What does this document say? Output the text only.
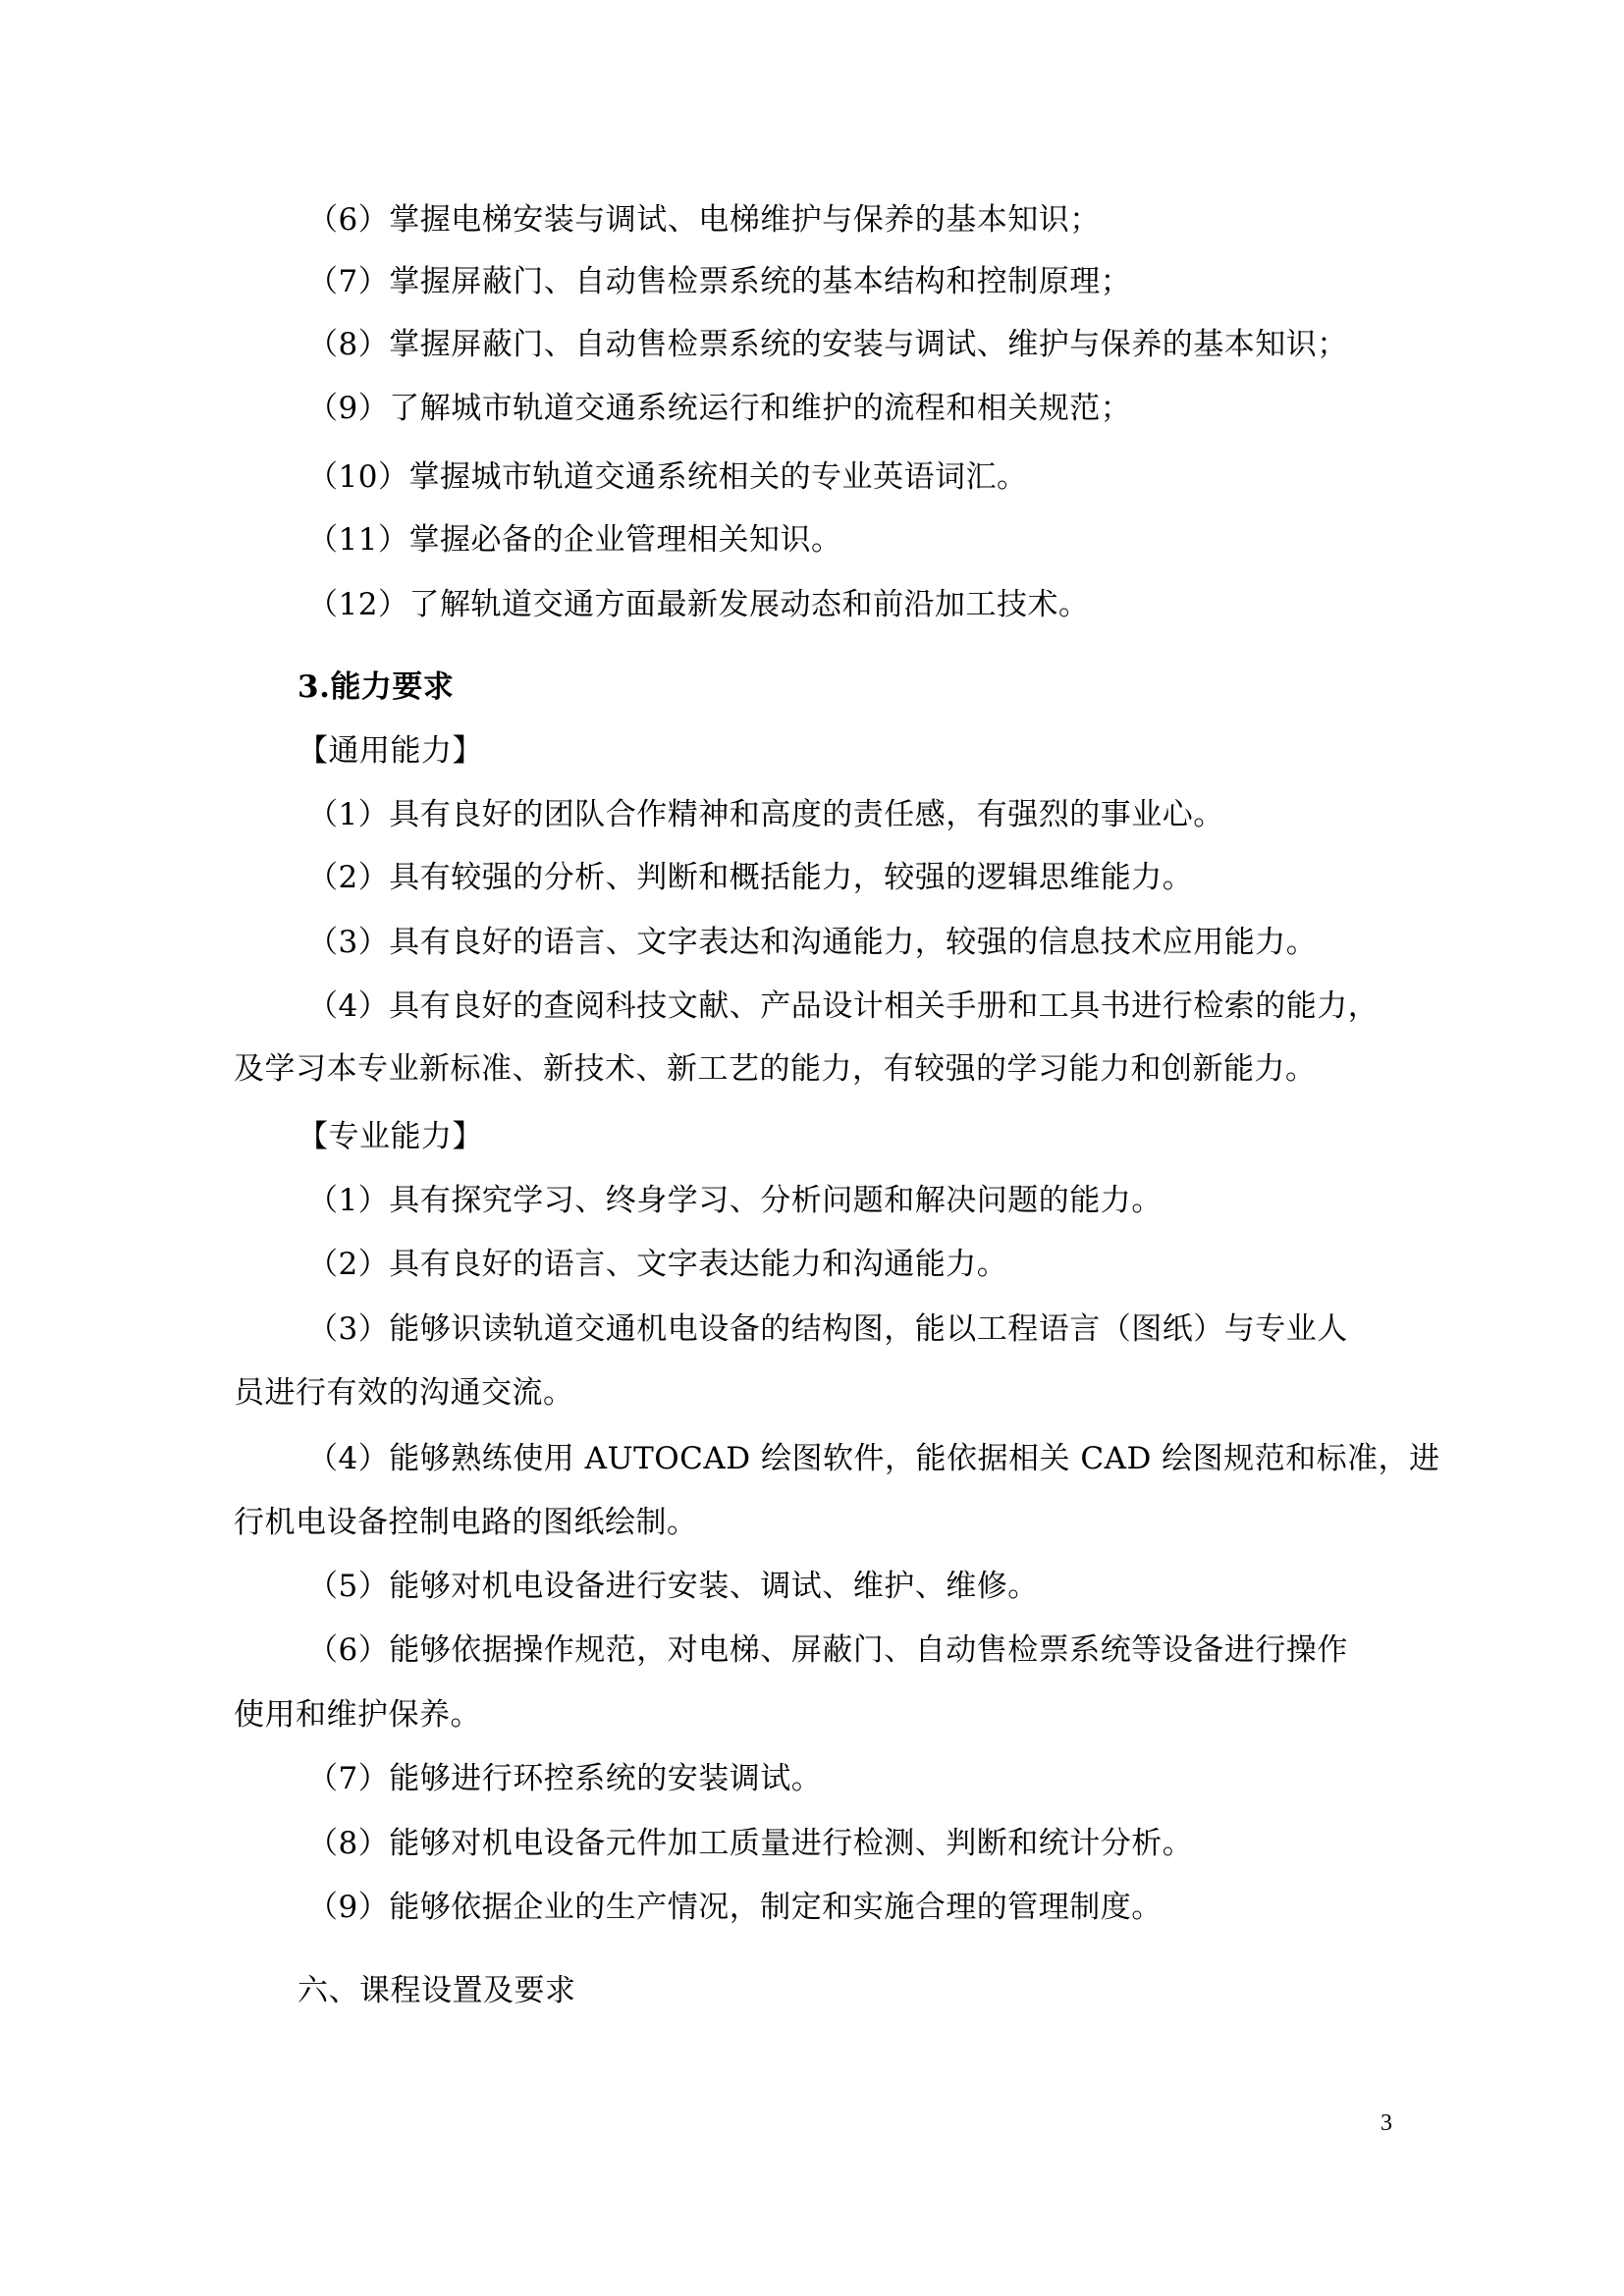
（6）掌握电梯安装与调试、电梯维护与保养的基本知识；
（7）掌握屏蔽门、自动售检票系统的基本结构和控制原理；
（8）掌握屏蔽门、自动售检票系统的安装与调试、维护与保养的基本知识；
（9）了解城市轨道交通系统运行和维护的流程和相关规范；
（10）掌握城市轨道交通系统相关的专业英语词汇。
（11）掌握必备的企业管理相关知识。
（12）了解轨道交通方面最新发展动态和前沿加工技术。
3.能力要求
【通用能力】
（1）具有良好的团队合作精神和高度的责任感，有强烈的事业心。
（2）具有较强的分析、判断和概括能力，较强的逻辑思维能力。
（3）具有良好的语言、文字表达和沟通能力，较强的信息技术应用能力。
（4）具有良好的查阅科技文献、产品设计相关手册和工具书进行检索的能力，
及学习本专业新标准、新技术、新工艺的能力，有较强的学习能力和创新能力。
【专业能力】
（1）具有探究学习、终身学习、分析问题和解决问题的能力。
（2）具有良好的语言、文字表达能力和沟通能力。
（3）能够识读轨道交通机电设备的结构图，能以工程语言（图纸）与专业人
员进行有效的沟通交流。
（4）能够熟练使用 AUTOCAD 绘图软件，能依据相关 CAD 绘图规范和标准，进
行机电设备控制电路的图纸绘制。
（5）能够对机电设备进行安装、调试、维护、维修。
（6）能够依据操作规范，对电梯、屏蔽门、自动售检票系统等设备进行操作
使用和维护保养。
（7）能够进行环控系统的安装调试。
（8）能够对机电设备元件加工质量进行检测、判断和统计分析。
（9）能够依据企业的生产情况，制定和实施合理的管理制度。
六、课程设置及要求
3
